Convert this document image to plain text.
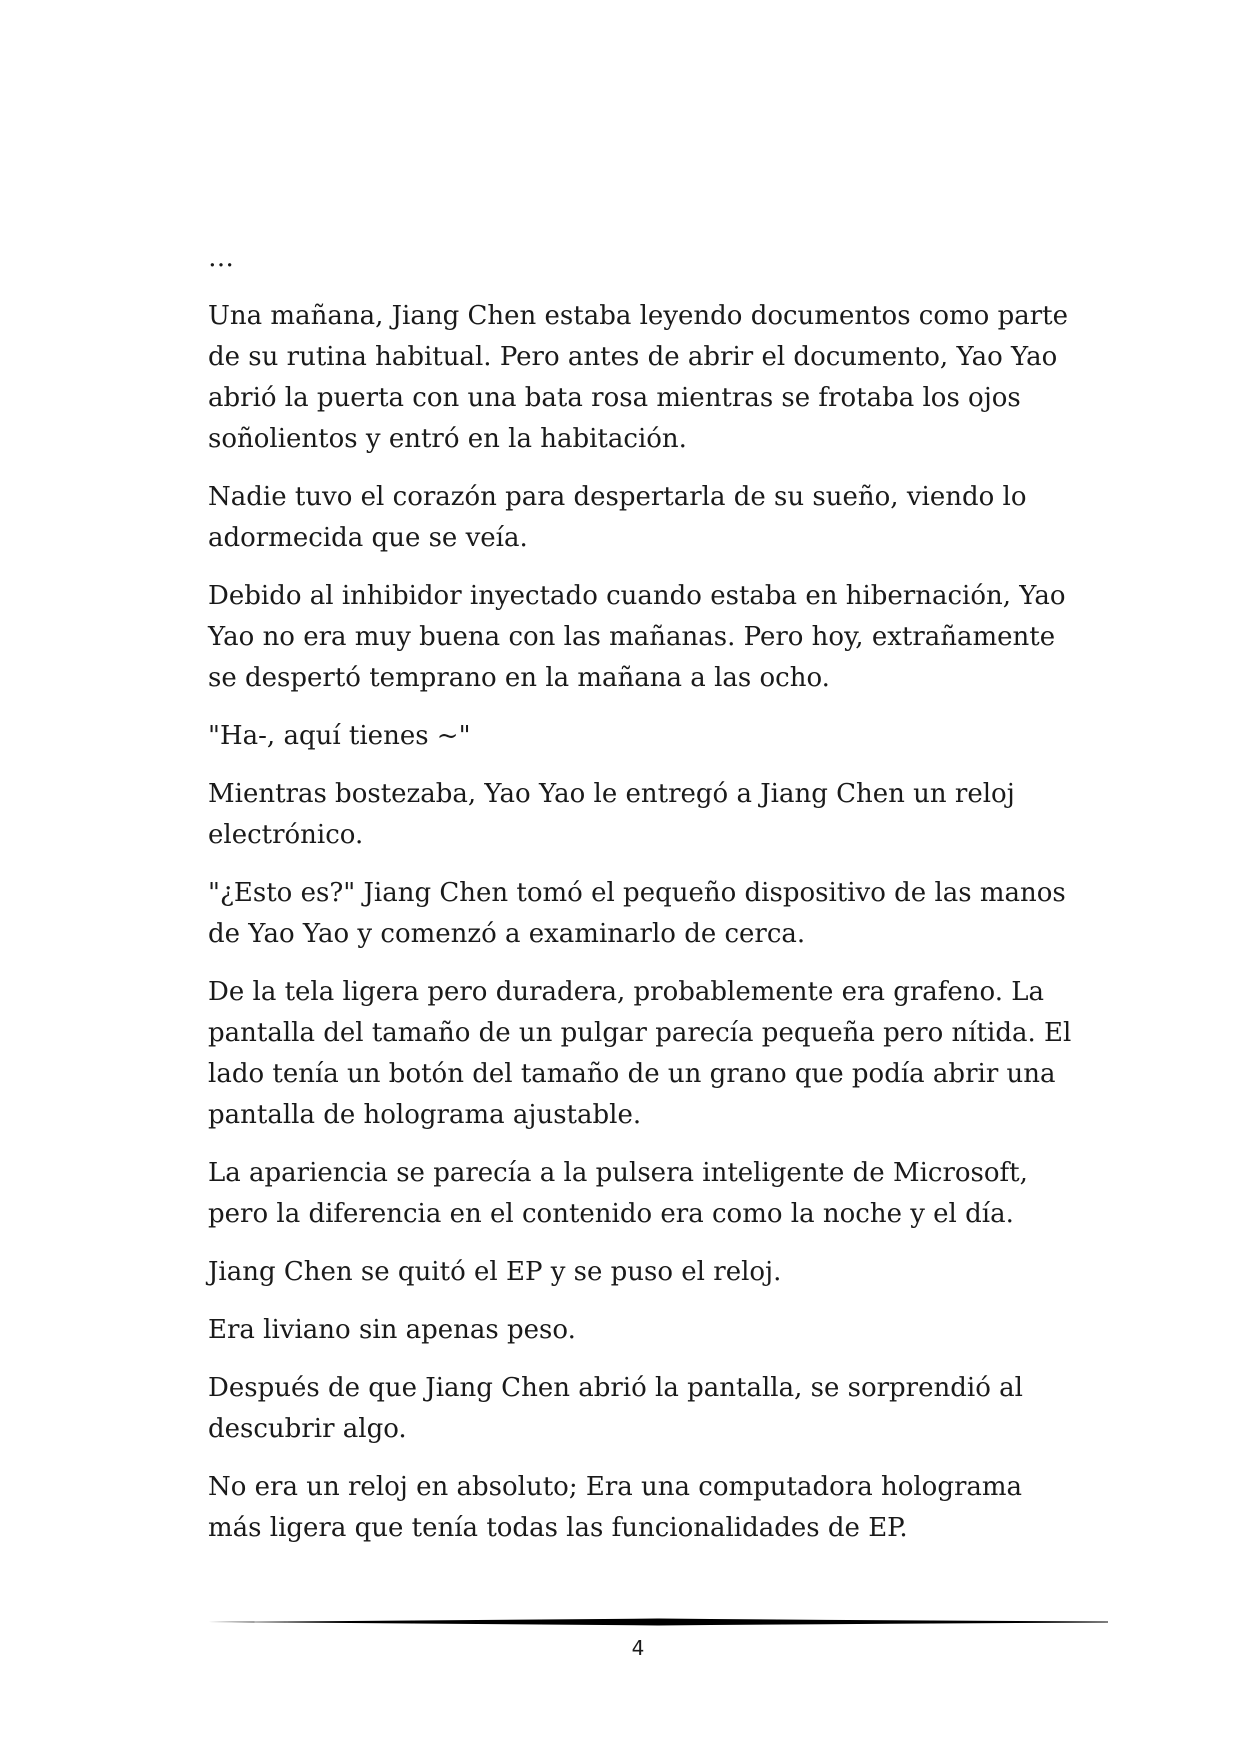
…

Una mañana, Jiang Chen estaba leyendo documentos como parte de su rutina habitual. Pero antes de abrir el documento, Yao Yao abrió la puerta con una bata rosa mientras se frotaba los ojos soñolientos y entró en la habitación.

Nadie tuvo el corazón para despertarla de su sueño, viendo lo adormecida que se veía.

Debido al inhibidor inyectado cuando estaba en hibernación, Yao Yao no era muy buena con las mañanas. Pero hoy, extrañamente se despertó temprano en la mañana a las ocho.

"Ha-, aquí tienes ~"

Mientras bostezaba, Yao Yao le entregó a Jiang Chen un reloj electrónico.

"¿Esto es?" Jiang Chen tomó el pequeño dispositivo de las manos de Yao Yao y comenzó a examinarlo de cerca.

De la tela ligera pero duradera, probablemente era grafeno. La pantalla del tamaño de un pulgar parecía pequeña pero nítida. El lado tenía un botón del tamaño de un grano que podía abrir una pantalla de holograma ajustable.

La apariencia se parecía a la pulsera inteligente de Microsoft, pero la diferencia en el contenido era como la noche y el día.

Jiang Chen se quitó el EP y se puso el reloj.

Era liviano sin apenas peso.

Después de que Jiang Chen abrió la pantalla, se sorprendió al descubrir algo.

No era un reloj en absoluto; Era una computadora holograma más ligera que tenía todas las funcionalidades de EP.

4
